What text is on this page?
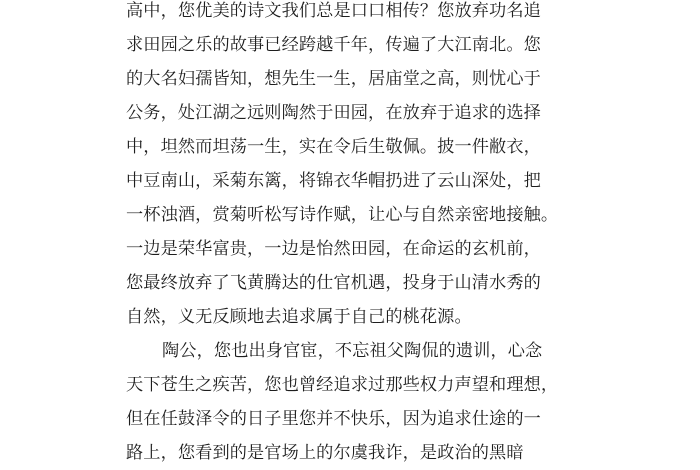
高中，您优美的诗文我们总是口口相传？您放弃功名追
求田园之乐的故事已经跨越千年，传遍了大江南北。您
的大名妇孺皆知，想先生一生，居庙堂之高，则忧心于
公务，处江湖之远则陶然于田园，在放弃于追求的选择
中，坦然而坦荡一生，实在令后生敬佩。披一件敝衣，
中豆南山，采菊东篱，将锦衣华帽扔进了云山深处，把
一杯浊酒，赏菊听松写诗作赋，让心与自然亲密地接触。
一边是荣华富贵，一边是怡然田园，在命运的玄机前，
您最终放弃了飞黄腾达的仕官机遇，投身于山清水秀的
自然，义无反顾地去追求属于自己的桃花源。
陶公，您也出身官宦，不忘祖父陶侃的遗训，心念
天下苍生之疾苦，您也曾经追求过那些权力声望和理想，
但在任鼓泽令的日子里您并不快乐，因为追求仕途的一
路上，您看到的是官场上的尔虞我诈，是政治的黑暗
